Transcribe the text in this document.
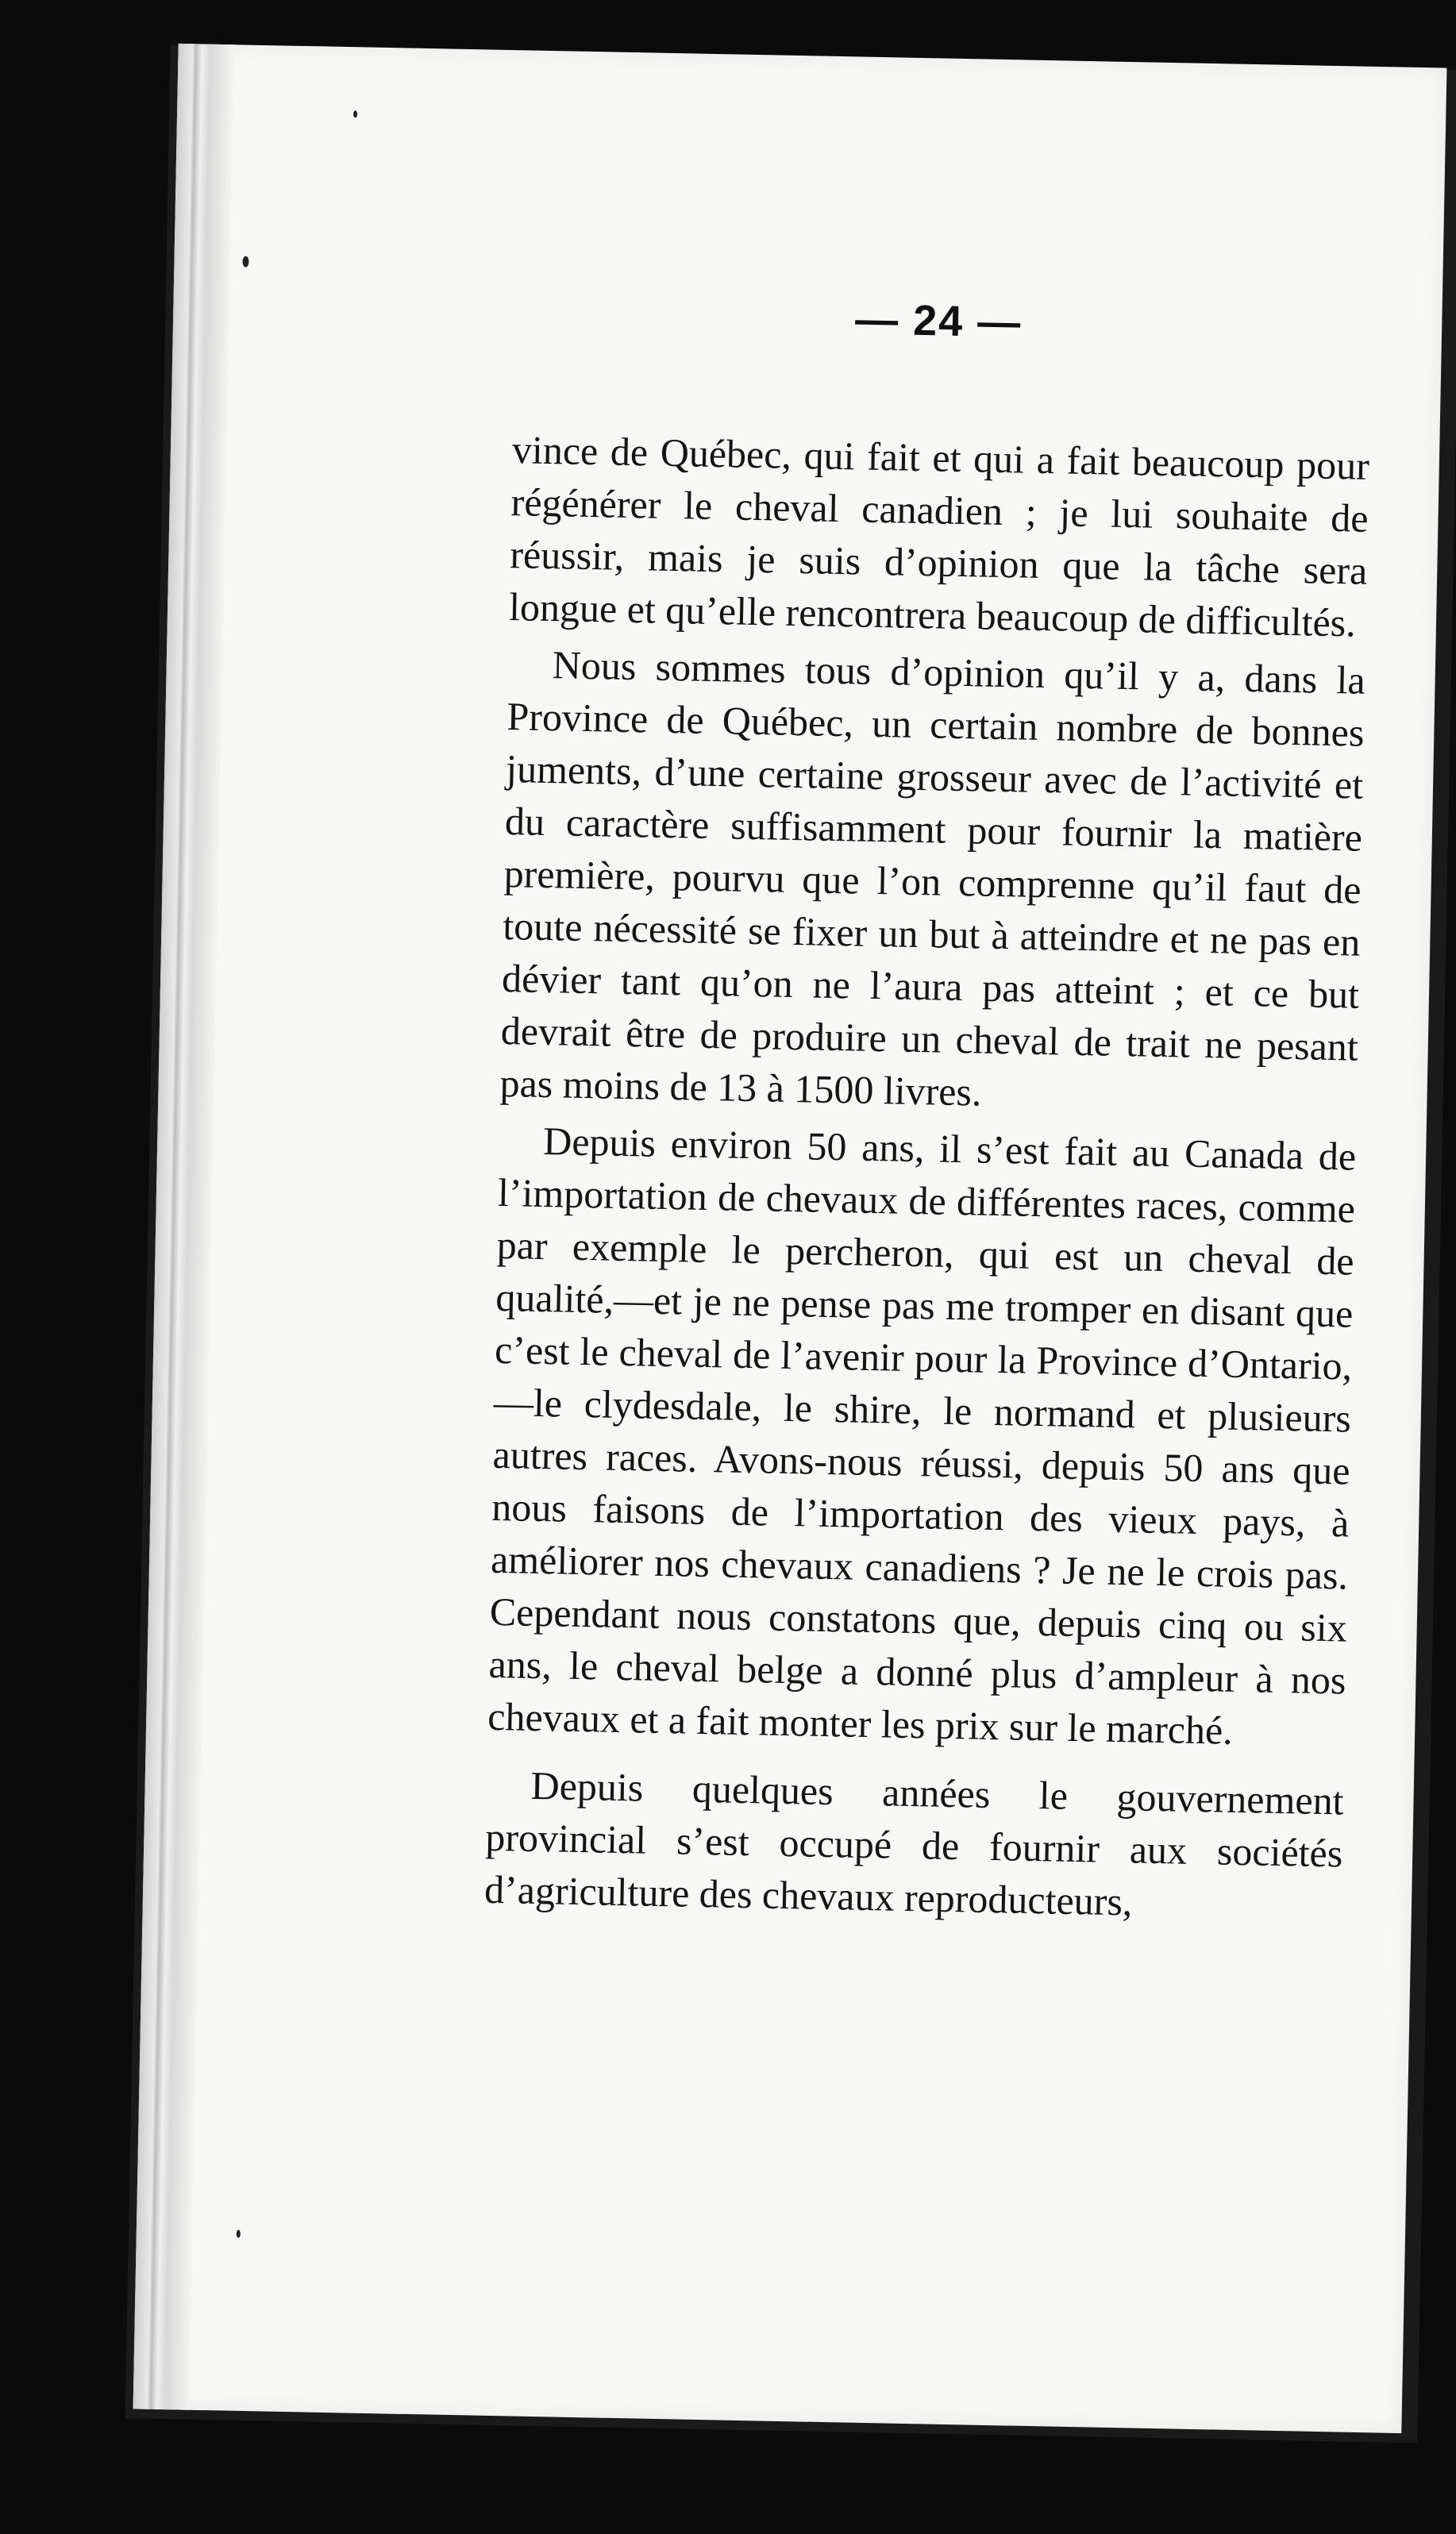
— 24 —

vince de Québec, qui fait et qui a fait beaucoup pour régénérer le cheval canadien ; je lui souhaite de réussir, mais je suis d’opinion que la tâche sera longue et qu’elle rencontrera beaucoup de difficultés.

Nous sommes tous d’opinion qu’il y a, dans la Province de Québec, un certain nombre de bonnes juments, d’une certaine grosseur avec de l’activité et du caractère suffisamment pour fournir la matière première, pourvu que l’on comprenne qu’il faut de toute nécessité se fixer un but à atteindre et ne pas en dévier tant qu’on ne l’aura pas atteint ; et ce but devrait être de produire un cheval de trait ne pesant pas moins de 13 à 1500 livres.

Depuis environ 50 ans, il s’est fait au Canada de l’importation de chevaux de différentes races, comme par exemple le percheron, qui est un cheval de qualité,—et je ne pense pas me tromper en disant que c’est le cheval de l’avenir pour la Province d’Ontario, —le clydesdale, le shire, le normand et plusieurs autres races. Avons-nous réussi, depuis 50 ans que nous faisons de l’importation des vieux pays, à améliorer nos chevaux canadiens ? Je ne le crois pas. Cependant nous constatons que, depuis cinq ou six ans, le cheval belge a donné plus d’ampleur à nos chevaux et a fait monter les prix sur le marché.

Depuis quelques années le gouvernement provincial s’est occupé de fournir aux sociétés d’agriculture des chevaux reproducteurs,
